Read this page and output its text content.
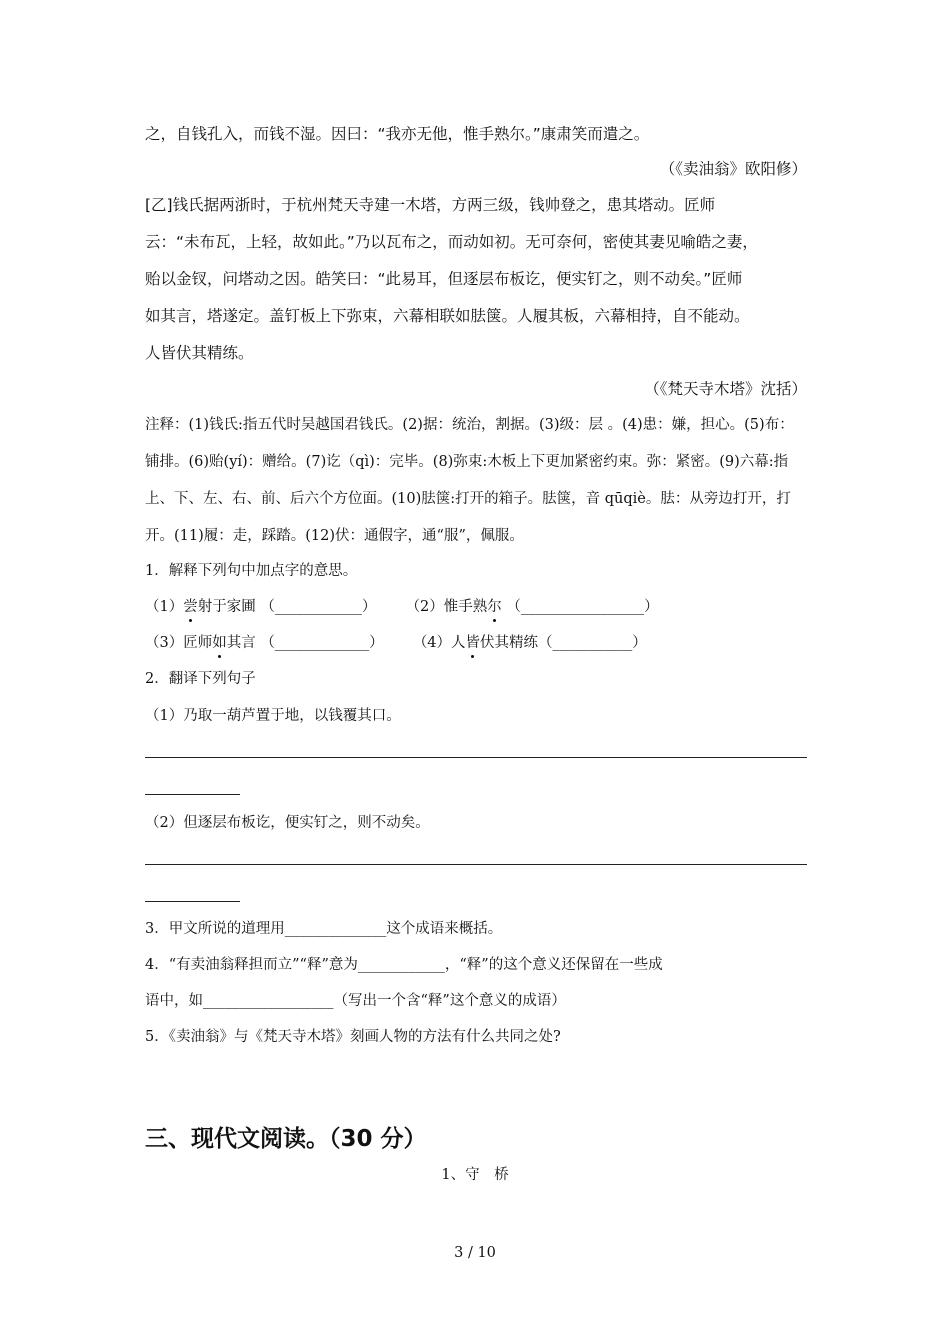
之，自钱孔入，而钱不湿。因曰：“我亦无他，惟手熟尔。”康肃笑而遣之。
（《卖油翁》欧阳修）
[乙]钱氏据两浙时，于杭州梵天寺建一木塔，方两三级，钱帅登之，患其塔动。匠师
云：“未布瓦，上轻，故如此。”乃以瓦布之，而动如初。无可奈何，密使其妻见喻皓之妻，
贻以金钗，问塔动之因。皓笑曰：“此易耳，但逐层布板讫，便实钉之，则不动矣。”匠师
如其言，塔遂定。盖钉板上下弥束，六幕相联如胠箧。人履其板，六幕相持，自不能动。
人皆伏其精练。
（《梵天寺木塔》沈括）
注释：(1)钱氏:指五代时吴越国君钱氏。(2)据：统治，割据。(3)级：层 。(4)患：嫌，担心。(5)布：
铺排。(6)贻(yí)：赠给。(7)讫（qì)：完毕。(8)弥束:木板上下更加紧密约束。弥：紧密。(9)六幕:指
上、下、左、右、前、后六个方位面。(10)胠箧:打开的箱子。胠箧，音 qūqiè。胠：从旁边打开，打
开。(11)履：走，踩踏。(12)伏：通假字，通“服”，佩服。
1．解释下列句中加点字的意思。
（1）尝射于家圃 （____________） （2）惟手熟尔 （_________________）
（3）匠师如其言 （_____________） （4）人皆伏其精练（___________）
2．翻译下列句子
（1）乃取一葫芦置于地，以钱覆其口。
（2）但逐层布板讫，便实钉之，则不动矣。
3．甲文所说的道理用______________这个成语来概括。
4．“有卖油翁释担而立”“释”意为____________，“释”的这个意义还保留在一些成
语中，如__________________（写出一个含“释”这个意义的成语）
5．《卖油翁》与《梵天寺木塔》刻画人物的方法有什么共同之处?
三、现代文阅读。（30 分）
1、守　桥
3 / 10
